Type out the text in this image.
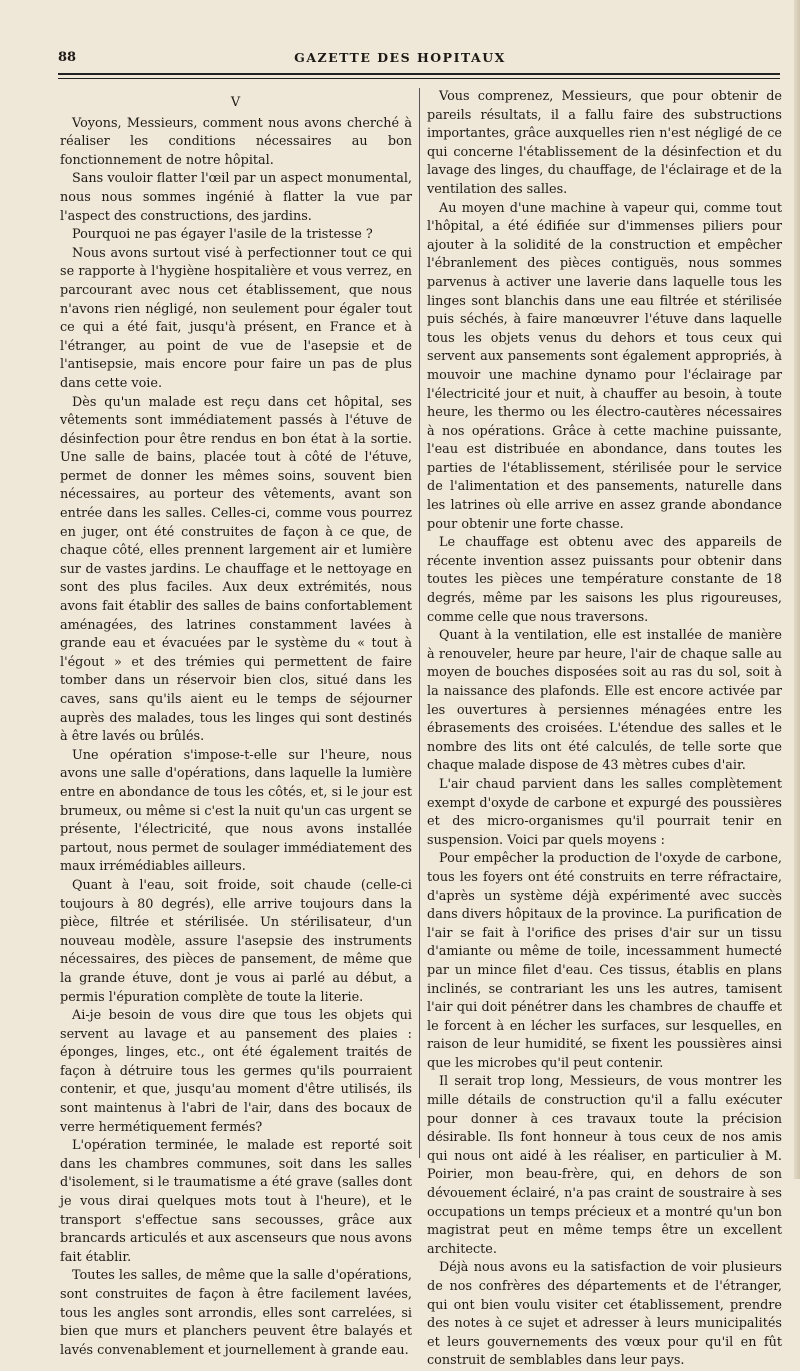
88	GAZETTE DES HOPITAUX
V

Voyons, Messieurs, comment nous avons cherché à réaliser les conditions nécessaires au bon fonctionnement de notre hôpital.

Sans vouloir flatter l'œil par un aspect monumental, nous nous sommes ingénié à flatter la vue par l'aspect des constructions, des jardins.

Pourquoi ne pas égayer l'asile de la tristesse ?

Nous avons surtout visé à perfectionner tout ce qui se rapporte à l'hygiène hospitalière et vous verrez, en parcourant avec nous cet établissement, que nous n'avons rien négligé, non seulement pour égaler tout ce qui a été fait, jusqu'à présent, en France et à l'étranger, au point de vue de l'asepsie et de l'antisepsie, mais encore pour faire un pas de plus dans cette voie.

Dès qu'un malade est reçu dans cet hôpital, ses vêtements sont immédiatement passés à l'étuve de désinfection pour être rendus en bon état à la sortie. Une salle de bains, placée tout à côté de l'étuve, permet de donner les mêmes soins, souvent bien nécessaires, au porteur des vêtements, avant son entrée dans les salles. Celles-ci, comme vous pourrez en juger, ont été construites de façon à ce que, de chaque côté, elles prennent largement air et lumière sur de vastes jardins. Le chauffage et le nettoyage en sont des plus faciles. Aux deux extrémités, nous avons fait établir des salles de bains confortablement aménagées, des latrines constamment lavées à grande eau et évacuées par le système du « tout à l'égout » et des trémies qui permettent de faire tomber dans un réservoir bien clos, situé dans les caves, sans qu'ils aient eu le temps de séjourner auprès des malades, tous les linges qui sont destinés à être lavés ou brûlés.

Une opération s'impose-t-elle sur l'heure, nous avons une salle d'opérations, dans laquelle la lumière entre en abondance de tous les côtés, et, si le jour est brumeux, ou même si c'est la nuit qu'un cas urgent se présente, l'électricité, que nous avons installée partout, nous permet de soulager immédiatement des maux irrémédiables ailleurs.

Quant à l'eau, soit froide, soit chaude (celle-ci toujours à 80 degrés), elle arrive toujours dans la pièce, filtrée et stérilisée. Un stérilisateur, d'un nouveau modèle, assure l'asepsie des instruments nécessaires, des pièces de pansement, de même que la grande étuve, dont je vous ai parlé au début, a permis l'épuration complète de toute la literie.

Ai-je besoin de vous dire que tous les objets qui servent au lavage et au pansement des plaies : éponges, linges, etc., ont été également traités de façon à détruire tous les germes qu'ils pourraient contenir, et que, jusqu'au moment d'être utilisés, ils sont maintenus à l'abri de l'air, dans des bocaux de verre hermétiquement fermés?

L'opération terminée, le malade est reporté soit dans les chambres communes, soit dans les salles d'isolement, si le traumatisme a été grave (salles dont je vous dirai quelques mots tout à l'heure), et le transport s'effectue sans secousses, grâce aux brancards articulés et aux ascenseurs que nous avons fait établir.

Toutes les salles, de même que la salle d'opérations, sont construites de façon à être facilement lavées, tous les angles sont arrondis, elles sont carrelées, si bien que murs et planchers peuvent être balayés et lavés convenablement et journellement à grande eau.

Vous comprenez, Messieurs, que pour obtenir de pareils résultats, il a fallu faire des substructions importantes, grâce auxquelles rien n'est négligé de ce qui concerne l'établissement de la désinfection et du lavage des linges, du chauffage, de l'éclairage et de la ventilation des salles.

Au moyen d'une machine à vapeur qui, comme tout l'hôpital, a été édifiée sur d'immenses piliers pour ajouter à la solidité de la construction et empêcher l'ébranlement des pièces contiguës, nous sommes parvenus à activer une laverie dans laquelle tous les linges sont blanchis dans une eau filtrée et stérilisée puis séchés, à faire manœuvrer l'étuve dans laquelle tous les objets venus du dehors et tous ceux qui servent aux pansements sont également appropriés, à mouvoir une machine dynamo pour l'éclairage par l'électricité jour et nuit, à chauffer au besoin, à toute heure, les thermo ou les électro-cautères nécessaires à nos opérations. Grâce à cette machine puissante, l'eau est distribuée en abondance, dans toutes les parties de l'établissement, stérilisée pour le service de l'alimentation et des pansements, naturelle dans les latrines où elle arrive en assez grande abondance pour obtenir une forte chasse.

Le chauffage est obtenu avec des appareils de récente invention assez puissants pour obtenir dans toutes les pièces une température constante de 18 degrés, même par les saisons les plus rigoureuses, comme celle que nous traversons.

Quant à la ventilation, elle est installée de manière à renouveler, heure par heure, l'air de chaque salle au moyen de bouches disposées soit au ras du sol, soit à la naissance des plafonds. Elle est encore activée par les ouvertures à persiennes ménagées entre les ébrasements des croisées. L'étendue des salles et le nombre des lits ont été calculés, de telle sorte que chaque malade dispose de 43 mètres cubes d'air.

L'air chaud parvient dans les salles complètement exempt d'oxyde de carbone et expurgé des poussières et des micro-organismes qu'il pourrait tenir en suspension. Voici par quels moyens :

Pour empêcher la production de l'oxyde de carbone, tous les foyers ont été construits en terre réfractaire, d'après un système déjà expérimenté avec succès dans divers hôpitaux de la province. La purification de l'air se fait à l'orifice des prises d'air sur un tissu d'amiante ou même de toile, incessamment humecté par un mince filet d'eau. Ces tissus, établis en plans inclinés, se contrariant les uns les autres, tamisent l'air qui doit pénétrer dans les chambres de chauffe et le forcent à en lécher les surfaces, sur lesquelles, en raison de leur humidité, se fixent les poussières ainsi que les microbes qu'il peut contenir.

Il serait trop long, Messieurs, de vous montrer les mille détails de construction qu'il a fallu exécuter pour donner à ces travaux toute la précision désirable. Ils font honneur à tous ceux de nos amis qui nous ont aidé à les réaliser, en particulier à M. Poirier, mon beau-frère, qui, en dehors de son dévouement éclairé, n'a pas craint de soustraire à ses occupations un temps précieux et a montré qu'un bon magistrat peut en même temps être un excellent architecte.

Déjà nous avons eu la satisfaction de voir plusieurs de nos confrères des départements et de l'étranger, qui ont bien voulu visiter cet établissement, prendre des notes à ce sujet et adresser à leurs municipalités et leurs gouvernements des vœux pour qu'il en fût construit de semblables dans leur pays.
